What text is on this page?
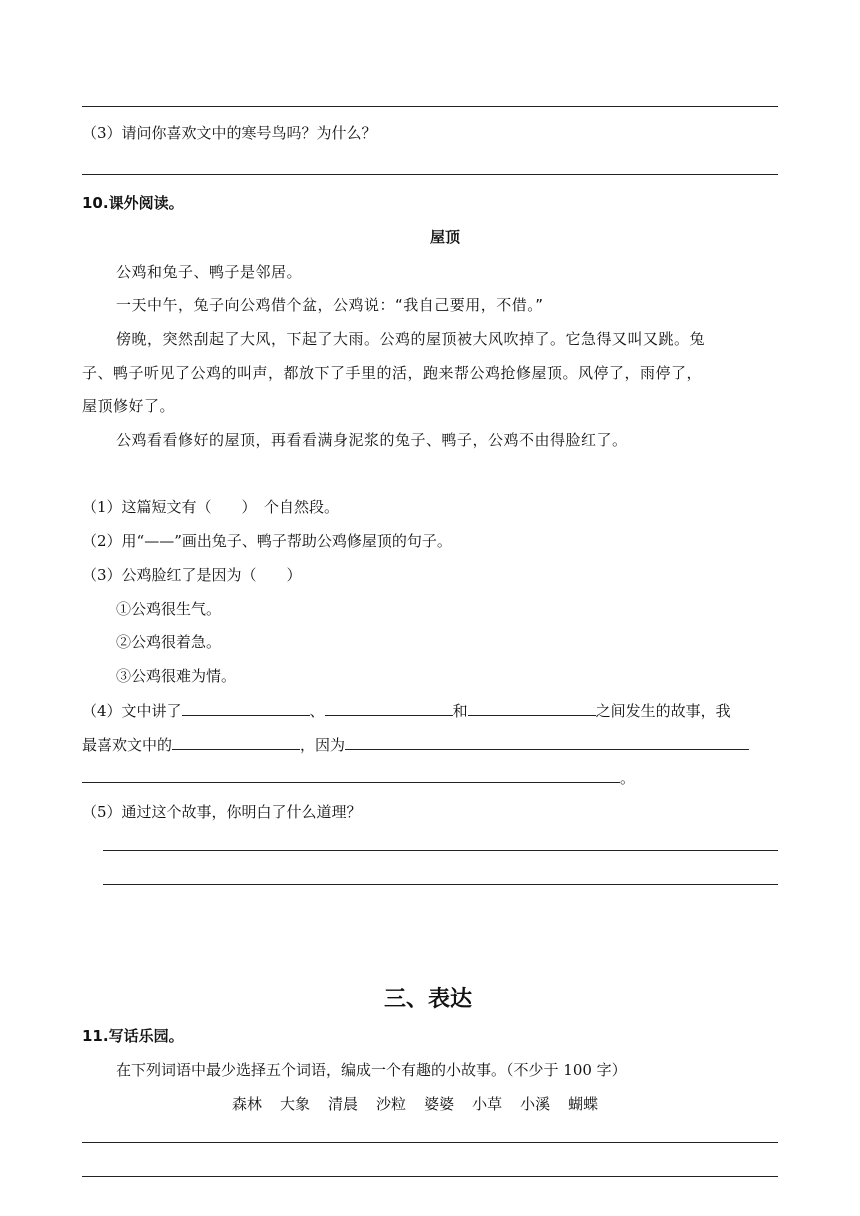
（3）请问你喜欢文中的寒号鸟吗？为什么？
10.课外阅读。
屋顶
公鸡和兔子、鸭子是邻居。
一天中午，兔子向公鸡借个盆，公鸡说：“我自己要用，不借。”
傍晚，突然刮起了大风，下起了大雨。公鸡的屋顶被大风吹掉了。它急得又叫又跳。兔
子、鸭子听见了公鸡的叫声，都放下了手里的活，跑来帮公鸡抢修屋顶。风停了，雨停了，
屋顶修好了。
公鸡看看修好的屋顶，再看看满身泥浆的兔子、鸭子，公鸡不由得脸红了。
（1）这篇短文有（　　）　个自然段。
（2）用“——”画出兔子、鸭子帮助公鸡修屋顶的句子。
（3）公鸡脸红了是因为（　　）
①公鸡很生气。
②公鸡很着急。
③公鸡很难为情。
（4）文中讲了	、	和	之间发生的故事，我
最喜欢文中的	，因为
。
（5）通过这个故事，你明白了什么道理？
三、表达
11.写话乐园。
在下列词语中最少选择五个词语，编成一个有趣的小故事。（不少于 100 字）
森林 大象 清晨 沙粒 婆婆 小草 小溪 蝴蝶
